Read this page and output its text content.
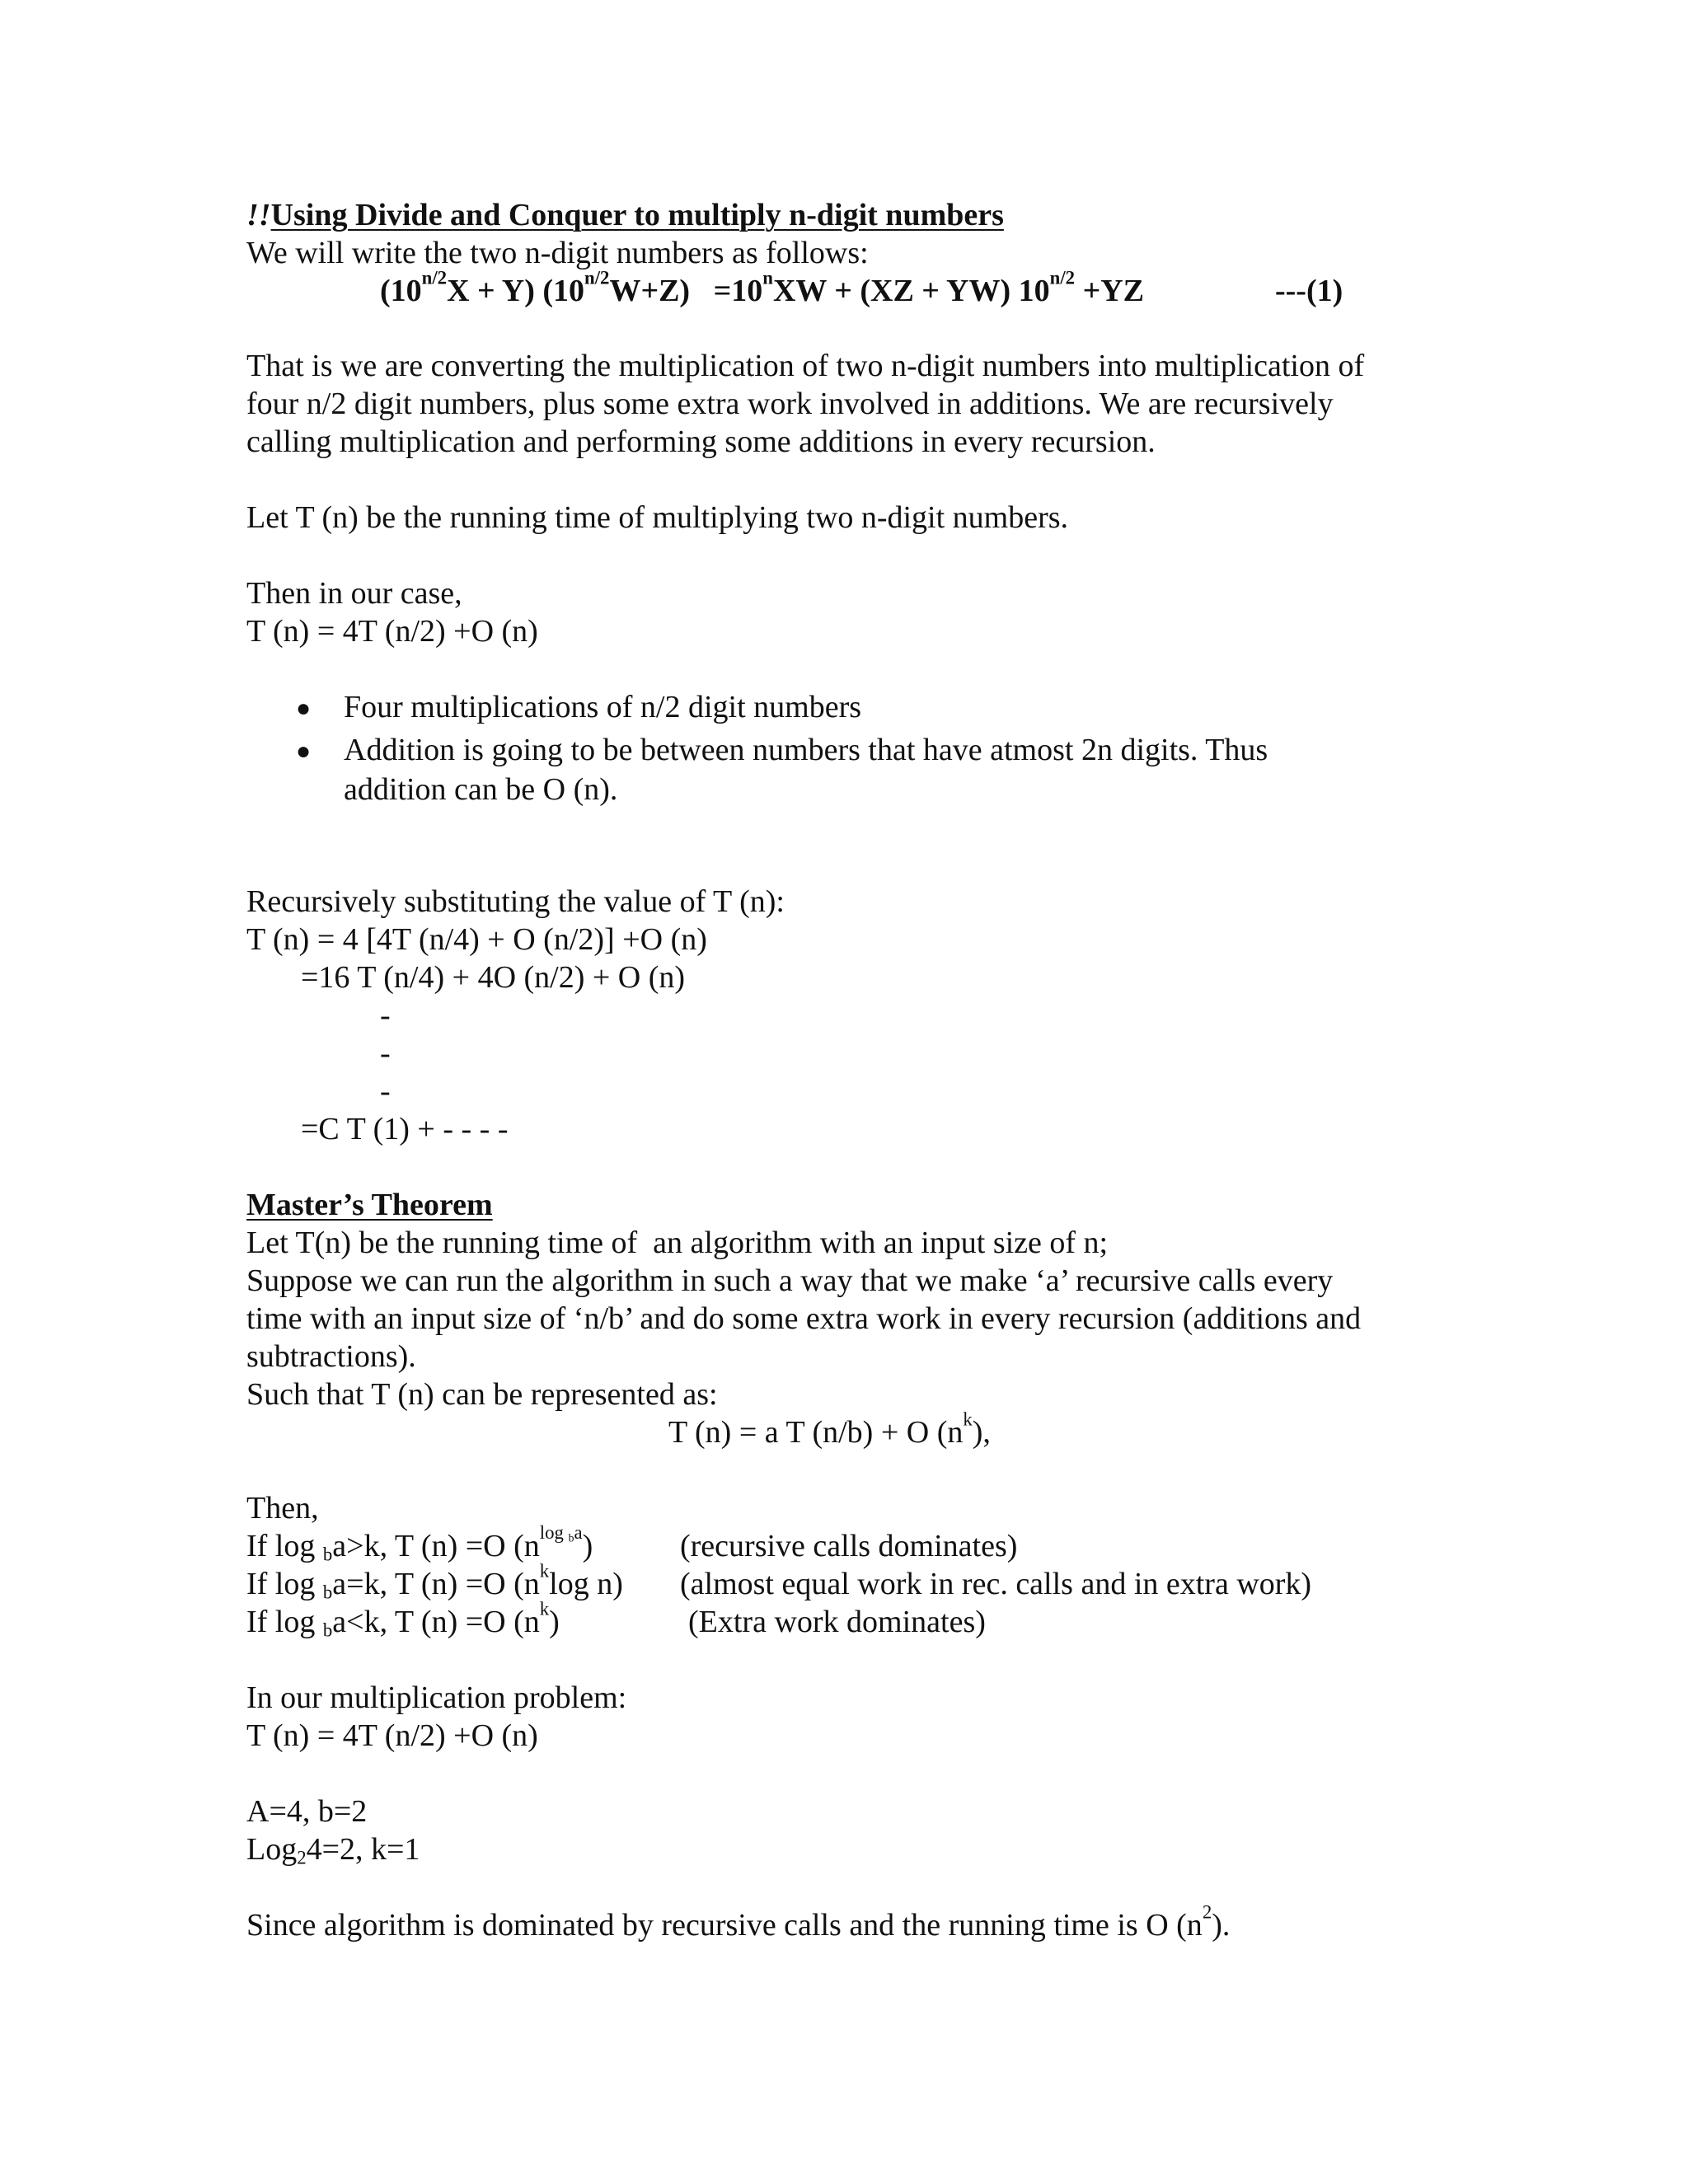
!!Using Divide and Conquer to multiply n-digit numbers
We will write the two n-digit numbers as follows:
$(10^{n/2}X + Y)$ $(10^{n/2}W+Z) =10^nXW + (XZ + YW)$ $10^{n/2} +YZ$	---(1)
That is we are converting the multiplication of two n-digit numbers into multiplication of
four n/2 digit numbers, plus some extra work involved in additions. We are recursively
calling multiplication and performing some additions in every recursion.
Let T (n) be the running time of multiplying two n-digit numbers.
Then in our case,
T (n) = 4T (n/2) +O (n)
● Four multiplications of n/2 digit numbers
● Addition is going to be between numbers that have atmost 2n digits. Thus
addition can be O (n).
Recursively substituting the value of T (n):
T (n) = 4 [4T (n/4) + O (n/2)] +O (n)
=16 T (n/4) + 4O (n/2) + O (n)
-
-
-
=C T (1) + - - - -
Master’s Theorem
Let T(n) be the running time of  an algorithm with an input size of n;
Suppose we can run the algorithm in such a way that we make ‘a’ recursive calls every
time with an input size of ‘n/b’ and do some extra work in every recursion (additions and
subtractions).
Such that T (n) can be represented as:
T (n) = a T (n/b) + O $(n^k)$,
Then,
If log $_b$a>k, T (n) =O $(n^{log _ba})$	(recursive calls dominates)
If log $_b$a=k, T (n) =O ($n^k\log$ n) (almost equal work in rec. calls and in extra work)
If log $_b$a<k, T (n) =O $(n^k)$	(Extra work dominates)
In our multiplication problem:
T (n) = 4T (n/2) +O (n)
A=4, b=2
Log$_2$4=2, k=1
Since algorithm is dominated by recursive calls and the running time is O $(n^2)$.
